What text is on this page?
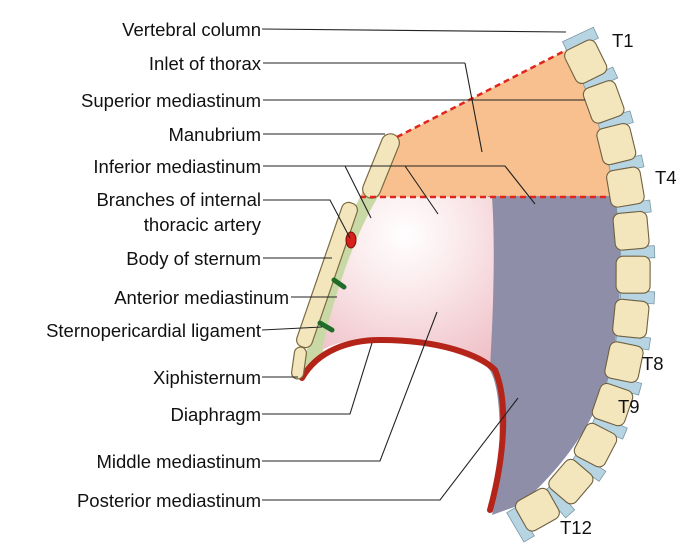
Vertebral column
Inlet of thorax
Superior mediastinum
Manubrium
Inferior mediastinum
Branches of internal
thoracic artery
Body of sternum
Anterior mediastinum
Sternopericardial ligament
Xiphisternum
Diaphragm
Middle mediastinum
Posterior mediastinum
T1
T4
T8
T9
T12
